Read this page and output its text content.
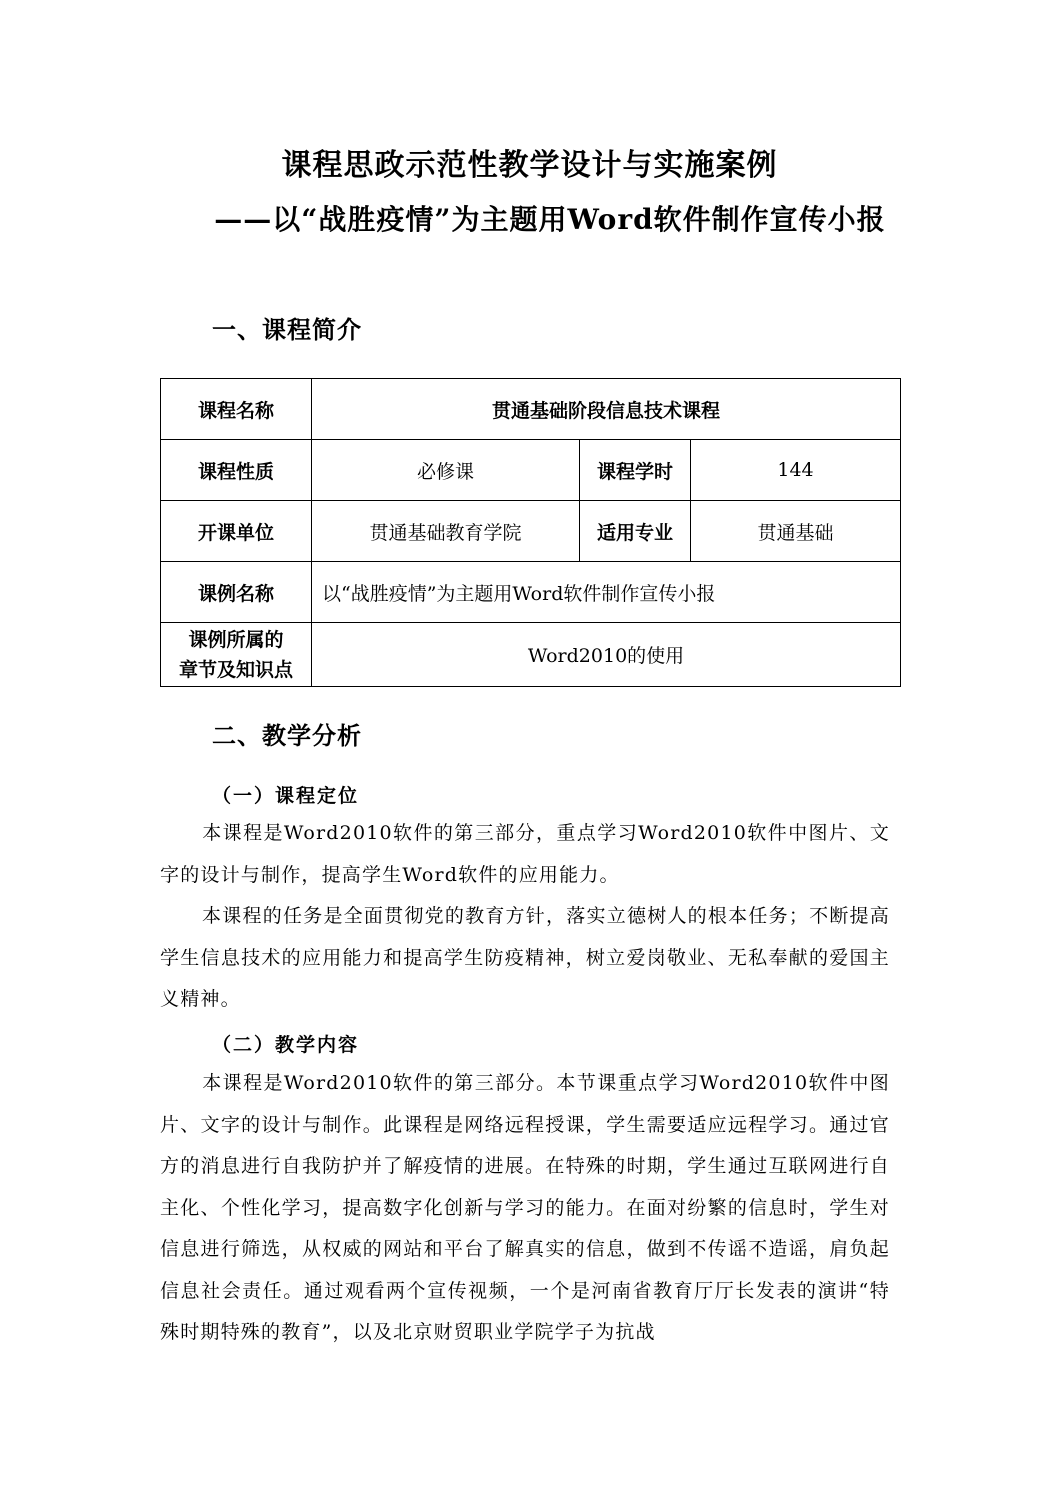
课程思政示范性教学设计与实施案例
——以“战胜疫情”为主题用Word软件制作宣传小报
一、课程简介
课程名称	贯通基础阶段信息技术课程		
课程性质	必修课	课程学时	144
开课单位	贯通基础教育学院	适用专业	贯通基础
课例名称	以“战胜疫情”为主题用Word软件制作宣传小报		

课例所属的
章节及知识点	Word2010的使用		
二、教学分析
（一）课程定位
本课程是Word2010软件的第三部分，重点学习Word2010软件中图片、文字的设计与制作，提高学生Word软件的应用能力。
本课程的任务是全面贯彻党的教育方针，落实立德树人的根本任务；不断提高学生信息技术的应用能力和提高学生防疫精神，树立爱岗敬业、无私奉献的爱国主义精神。
（二）教学内容
本课程是Word2010软件的第三部分。本节课重点学习Word2010软件中图片、文字的设计与制作。此课程是网络远程授课，学生需要适应远程学习。通过官方的消息进行自我防护并了解疫情的进展。在特殊的时期，学生通过互联网进行自主化、个性化学习，提高数字化创新与学习的能力。在面对纷繁的信息时，学生对信息进行筛选，从权威的网站和平台了解真实的信息，做到不传谣不造谣，肩负起信息社会责任。通过观看两个宣传视频，一个是河南省教育厅厅长发表的演讲“特殊时期特殊的教育”，以及北京财贸职业学院学子为抗战
